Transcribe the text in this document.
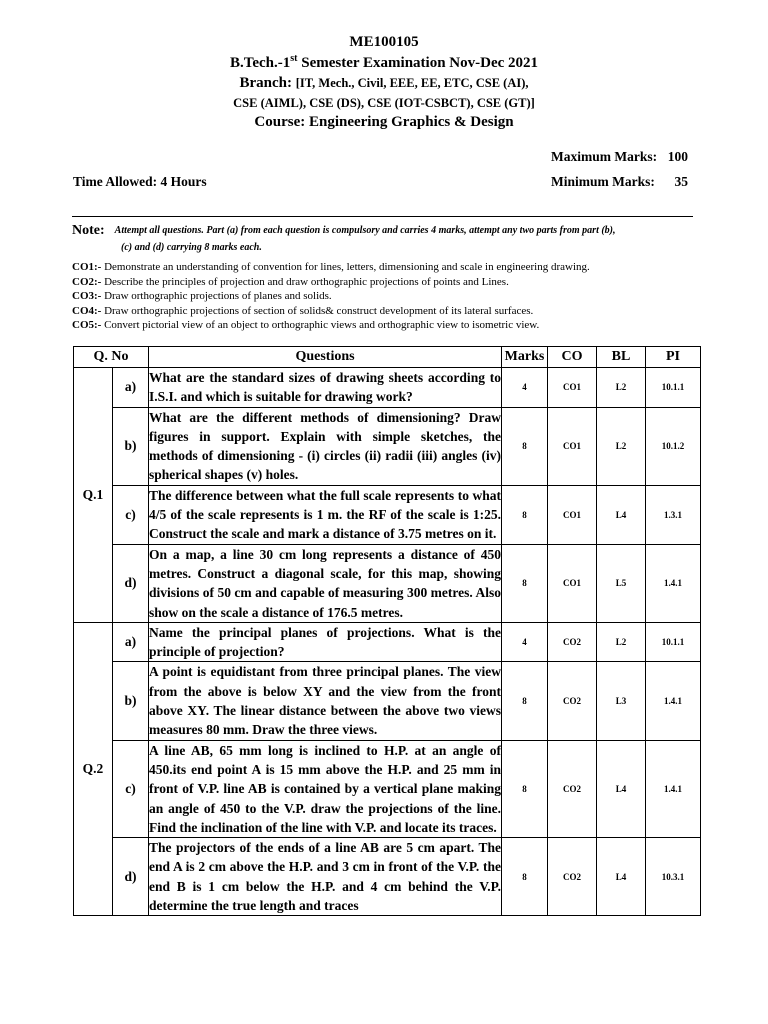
ME100105
B.Tech.-1st Semester Examination Nov-Dec 2021
Branch: [IT, Mech., Civil, EEE, EE, ETC, CSE (AI),
CSE (AIML), CSE (DS), CSE (IOT-CSBCT), CSE (GT)]
Course: Engineering Graphics & Design
Maximum Marks: 100
Minimum Marks: 35
Time Allowed: 4 Hours
Note: Attempt all questions. Part (a) from each question is compulsory and carries 4 marks, attempt any two parts from part (b),
(c) and (d) carrying 8 marks each.
CO1:- Demonstrate an understanding of convention for lines, letters, dimensioning and scale in engineering drawing.
CO2:- Describe the principles of projection and draw orthographic projections of points and Lines.
CO3:- Draw orthographic projections of planes and solids.
CO4:- Draw orthographic projections of section of solids& construct development of its lateral surfaces.
CO5:- Convert pictorial view of an object to orthographic views and orthographic view to isometric view.
Q. No		Questions	Marks	CO	BL	PI
Q.1	a)	What are the standard sizes of drawing sheets according to I.S.I. and which is suitable for drawing work?	4	CO1	L2	10.1.1
	b)	What are the different methods of dimensioning? Draw figures in support. Explain with simple sketches, the methods of dimensioning - (i) circles (ii) radii (iii) angles (iv) spherical shapes (v) holes.	8	CO1	L2	10.1.2
	c)	The difference between what the full scale represents to what 4/5 of the scale represents is 1 m. the RF of the scale is 1:25. Construct the scale and mark a distance of 3.75 metres on it.	8	CO1	L4	1.3.1
	d)	On a map, a line 30 cm long represents a distance of 450 metres. Construct a diagonal scale, for this map, showing divisions of 50 cm and capable of measuring 300 metres. Also show on the scale a distance of 176.5 metres.	8	CO1	L5	1.4.1
Q.2	a)	Name the principal planes of projections. What is the principle of projection?	4	CO2	L2	10.1.1
	b)	A point is equidistant from three principal planes. The view from the above is below XY and the view from the front above XY. The linear distance between the above two views measures 80 mm. Draw the three views.	8	CO2	L3	1.4.1
	c)	A line AB, 65 mm long is inclined to H.P. at an angle of 450.its end point A is 15 mm above the H.P. and 25 mm in front of V.P. line AB is contained by a vertical plane making an angle of 450 to the V.P. draw the projections of the line. Find the inclination of the line with V.P. and locate its traces.	8	CO2	L4	1.4.1
	d)	The projectors of the ends of a line AB are 5 cm apart. The end A is 2 cm above the H.P. and 3 cm in front of the V.P. the end B is 1 cm below the H.P. and 4 cm behind the V.P. determine the true length and traces	8	CO2	L4	10.3.1
